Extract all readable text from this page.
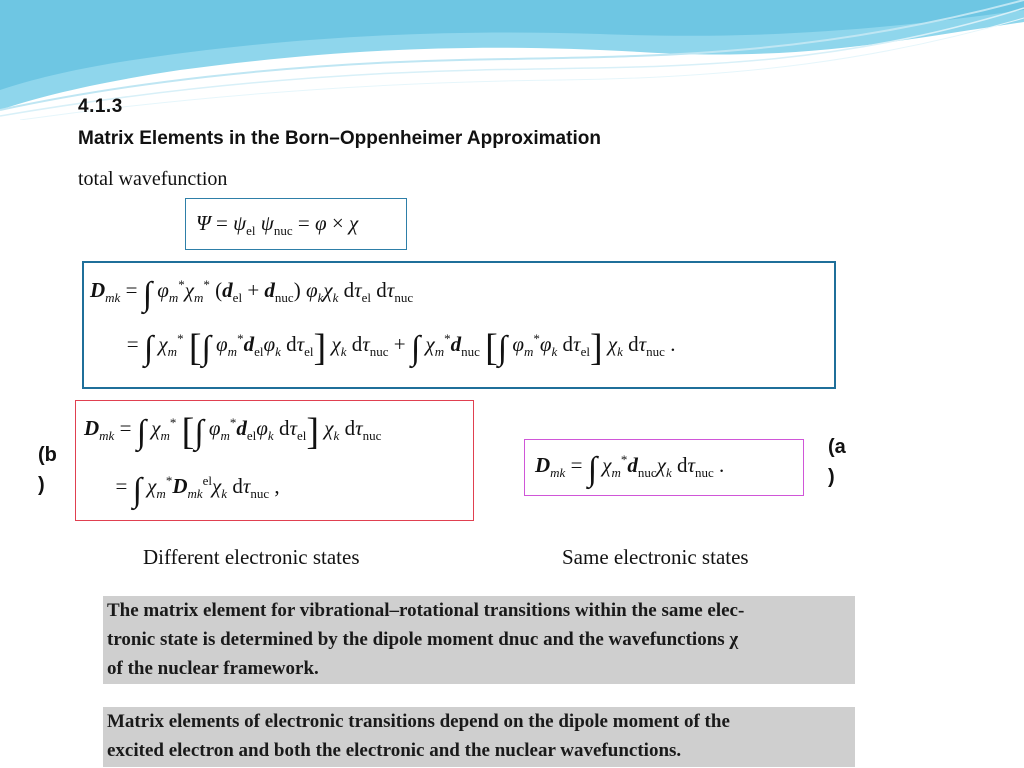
4.1.3
Matrix Elements in the Born–Oppenheimer Approximation
total wavefunction
$\Psi = \psi_{el}$ $\psi_{nuc} = \varphi \times \chi$
$D_{mk}$ = ∫ $\varphi_m^*\chi_m^*$ $(d_{el} + d_{nuc})$ $\varphi_k\chi_k$ $d\tau_{el}$ $d\tau_{nuc}$
= ∫ $\chi_m^*$ [∫ $\varphi_m^*d_{el}\varphi_k$ $d\tau_{el}$] $\chi_k$ $d\tau_{nuc}$ + ∫ $\chi_m^*d_{nuc}$ [∫ $\varphi_m^*\varphi_k$ $d\tau_{el}$] $\chi_k$ $d\tau_{nuc}$ .
$D_{mk}$ = ∫ $\chi_m^*$ [∫ $\varphi_m^*d_{el}\varphi_k$ $d\tau_{el}$] $\chi_k$ $d\tau_{nuc}$
= ∫ $\chi_m^*D_{mk}^{el}\chi_k$ $d\tau_{nuc}$ ,
$D_{mk}$ = ∫ $\chi_m^*d_{nuc}\chi_k$ $d\tau_{nuc}$ .
(b
)
(a
)
Different electronic states	Same electronic states
The matrix element for vibrational–rotational transitions within the same elec-
tronic state is determined by the dipole moment dnuc and the wavefunctions χ
of the nuclear framework.
Matrix elements of electronic transitions depend on the dipole moment of the
excited electron and both the electronic and the nuclear wavefunctions.
